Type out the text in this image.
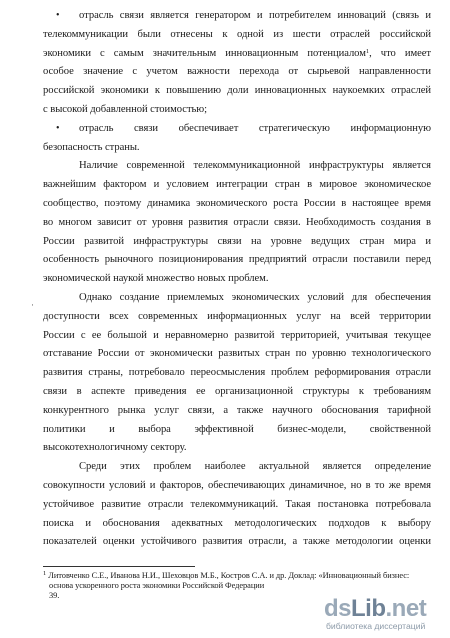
• отрасль связи является генератором и потребителем инноваций (связь и
телекоммуникации были отнесены к одной из шести отраслей российской
экономики с самым значительным инновационным потенциалом$^1$, что имеет
особое значение с учетом важности перехода от сырьевой направленности
российской экономики к повышению доли инновационных наукоемких отраслей
с высокой добавленной стоимостью;
• отрасль связи обеспечивает стратегическую информационную
безопасность страны.
Наличие современной телекоммуникационной инфраструктуры является
важнейшим фактором и условием интеграции стран в мировое экономическое
сообщество, поэтому динамика экономического роста России в настоящее время
во многом зависит от уровня развития отрасли связи. Необходимость создания в
России развитой инфраструктуры связи на уровне ведущих стран мира и
особенность рыночного позиционирования предприятий отрасли поставили перед
экономической наукой множество новых проблем.
Однако создание приемлемых экономических условий для обеспечения
доступности всех современных информационных услуг на всей территории
России с ее большой и неравномерно развитой территорией, учитывая текущее
отставание России от экономически развитых стран по уровню технологического
развития страны, потребовало переосмысления проблем реформирования отрасли
связи в аспекте приведения ее организационной структуры к требованиям
конкурентного рынка услуг связи, а также научного обоснования тарифной
политики и выбора эффективной бизнес-модели, свойственной
высокотехнологичному сектору.
Среди этих проблем наиболее актуальной является определение
совокупности условий и факторов, обеспечивающих динамичное, но в то же время
устойчивое развитие отрасли телекоммуникаций. Такая постановка потребовала
поиска и обоснования адекватных методологических подходов к выбору
показателей оценки устойчивого развития отрасли, а также методологии оценки
·
$^1$ Литовченко С.Е., Иванова Н.И., Шеховцов М.Б., Костров С.А. и др. Доклад: «Инновационный бизнес:
основа ускоренного роста экономики Российской Федерации
39.	dsLib.net
библиотека диссертаций
